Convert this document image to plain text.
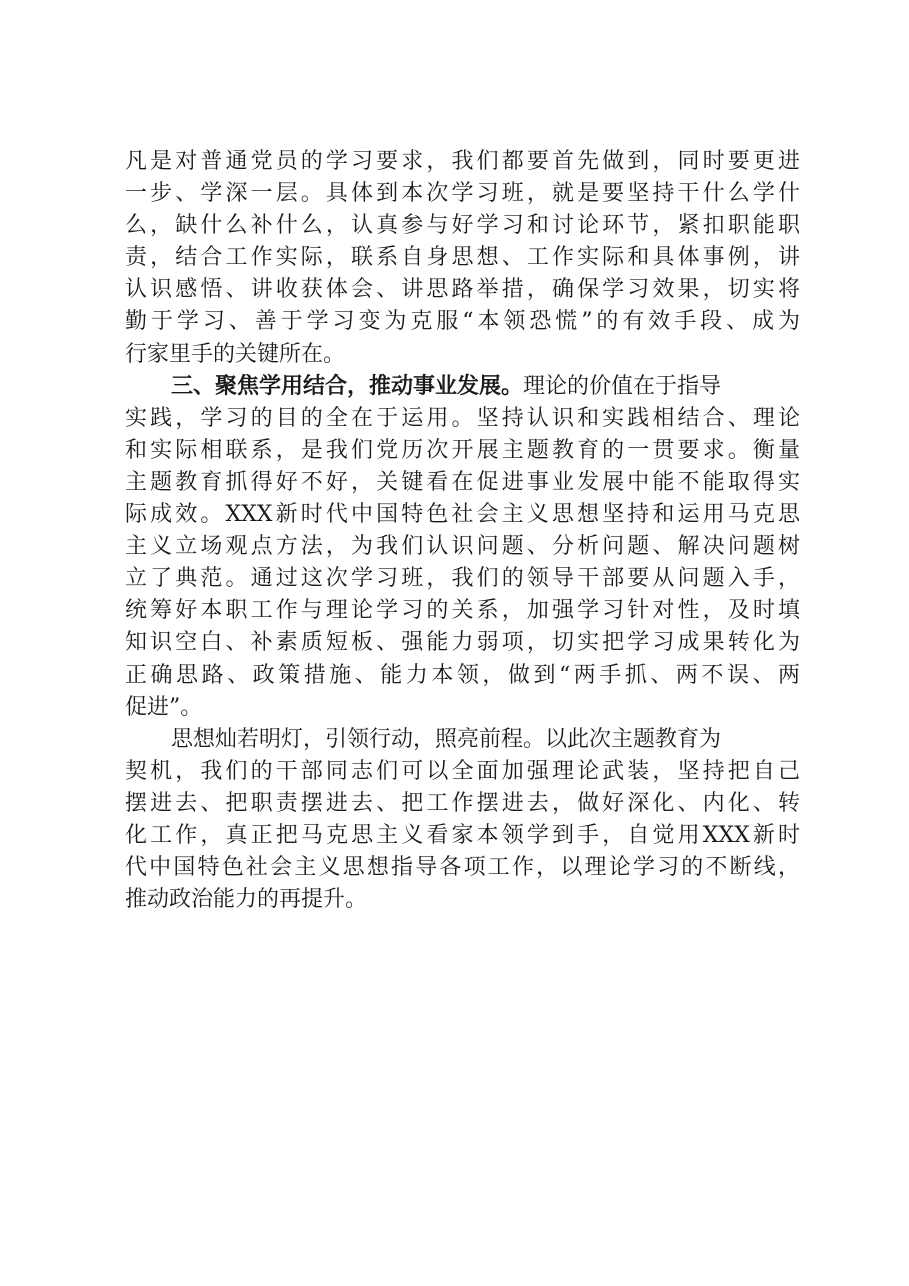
凡是对普通党员的学习要求，我们都要首先做到，同时要更进
一步、学深一层。具体到本次学习班，就是要坚持干什么学什
么，缺什么补什么，认真参与好学习和讨论环节，紧扣职能职
责，结合工作实际，联系自身思想、工作实际和具体事例，讲
认识感悟、讲收获体会、讲思路举措，确保学习效果，切实将
勤于学习、善于学习变为克服“本领恐慌”的有效手段、成为
行家里手的关键所在。
三、聚焦学用结合，推动事业发展。理论的价值在于指导
实践，学习的目的全在于运用。坚持认识和实践相结合、理论
和实际相联系，是我们党历次开展主题教育的一贯要求。衡量
主题教育抓得好不好，关键看在促进事业发展中能不能取得实
际成效。XXX新时代中国特色社会主义思想坚持和运用马克思
主义立场观点方法，为我们认识问题、分析问题、解决问题树
立了典范。通过这次学习班，我们的领导干部要从问题入手，
统筹好本职工作与理论学习的关系，加强学习针对性，及时填
知识空白、补素质短板、强能力弱项，切实把学习成果转化为
正确思路、政策措施、能力本领，做到“两手抓、两不误、两
促进”。
思想灿若明灯，引领行动，照亮前程。以此次主题教育为
契机，我们的干部同志们可以全面加强理论武装，坚持把自己
摆进去、把职责摆进去、把工作摆进去，做好深化、内化、转
化工作，真正把马克思主义看家本领学到手，自觉用XXX新时
代中国特色社会主义思想指导各项工作，以理论学习的不断线，
推动政治能力的再提升。
